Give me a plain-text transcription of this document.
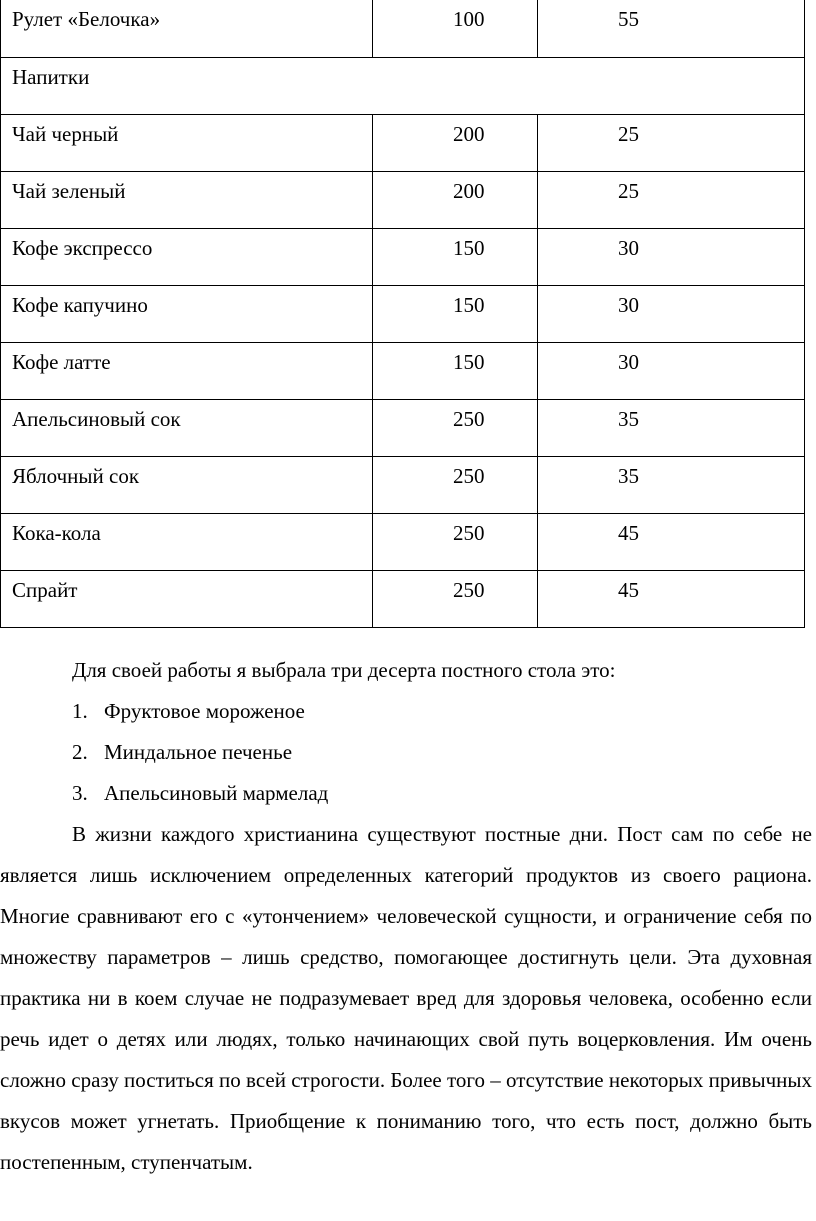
Рулет «Белочка»	100	55
Напитки		
Чай черный	200	25
Чай зеленый	200	25
Кофе экспрессо	150	30
Кофе капучино	150	30
Кофе латте	150	30
Апельсиновый сок	250	35
Яблочный сок	250	35
Кока-кола	250	45
Спрайт	250	45

Для своей работы я выбрала три десерта постного стола это:

1. Фруктовое мороженое
2. Миндальное печенье
3. Апельсиновый мармелад

В жизни каждого христианина существуют постные дни. Пост сам по себе не является лишь исключением определенных категорий продуктов из своего рациона. Многие сравнивают его с «утончением» человеческой сущности, и ограничение себя по множеству параметров – лишь средство, помогающее достигнуть цели. Эта духовная практика ни в коем случае не подразумевает вред для здоровья человека, особенно если речь идет о детях или людях, только начинающих свой путь воцерковления. Им очень сложно сразу поститься по всей строгости. Более того – отсутствие некоторых привычных вкусов может угнетать. Приобщение к пониманию того, что есть пост, должно быть постепенным, ступенчатым.
